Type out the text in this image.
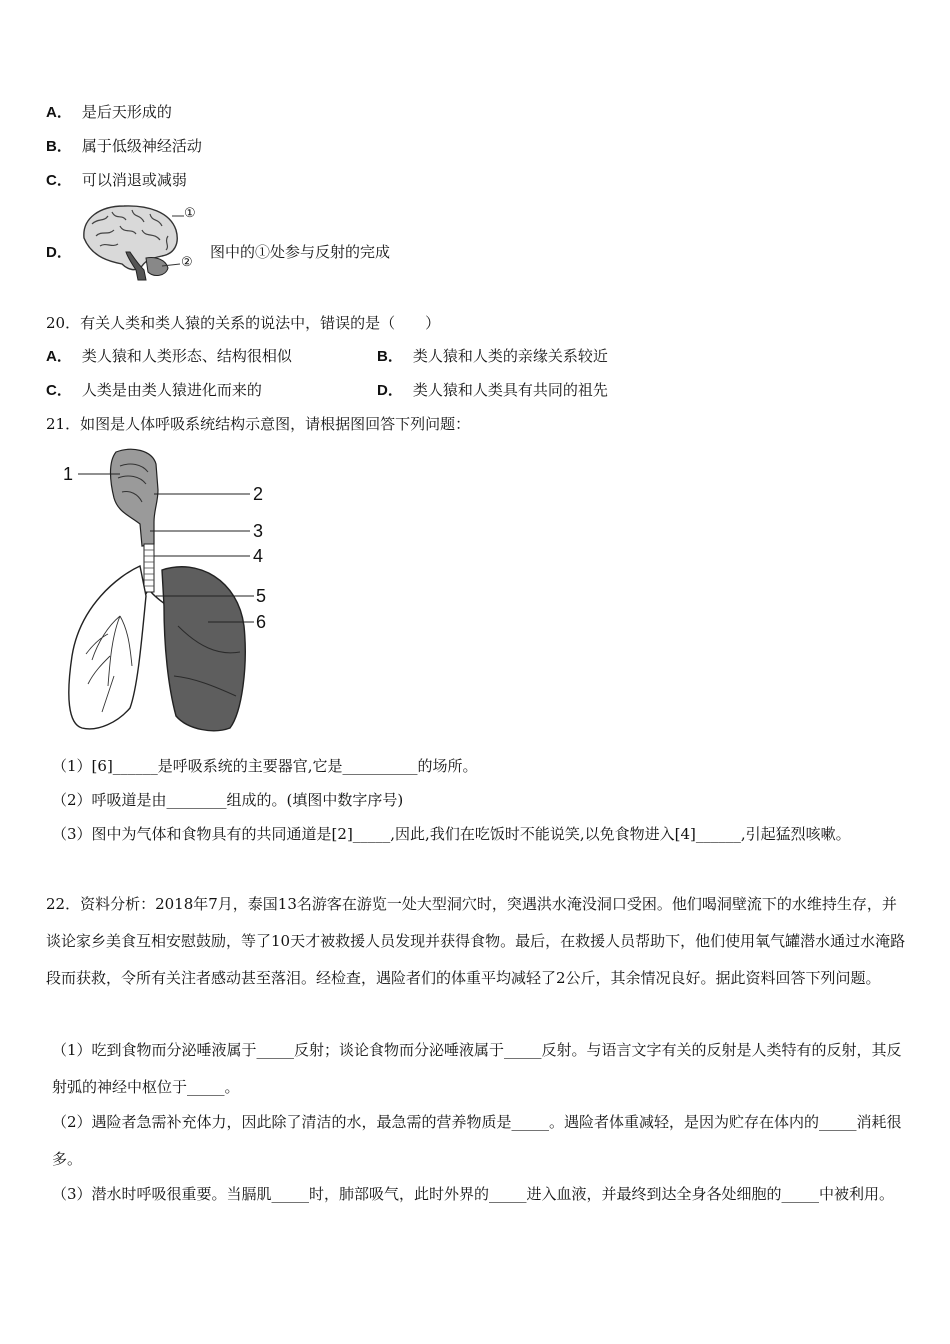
A． 是后天形成的
B． 属于低级神经活动
C． 可以消退或减弱
D．
①
②
图中的①处参与反射的完成
20．有关人类和类人猿的关系的说法中，错误的是（　　）
A． 类人猿和人类形态、结构很相似	B． 类人猿和人类的亲缘关系较近
C． 人类是由类人猿进化而来的	D． 类人猿和人类具有共同的祖先
21．如图是人体呼吸系统结构示意图，请根据图回答下列问题：
1
2
3
4
5
6
（1）[6]______是呼吸系统的主要器官,它是__________的场所。
（2）呼吸道是由________组成的。(填图中数字序号)
（3）图中为气体和食物具有的共同通道是[2]_____,因此,我们在吃饭时不能说笑,以免食物进入[4]______,引起猛烈咳嗽。
22．资料分析：2018年7月，泰国13名游客在游览一处大型洞穴时，突遇洪水淹没洞口受困。他们喝洞壁流下的水维持生存，并谈论家乡美食互相安慰鼓励，等了10天才被救援人员发现并获得食物。最后，在救援人员帮助下，他们使用氧气罐潜水通过水淹路段而获救，令所有关注者感动甚至落泪。经检查，遇险者们的体重平均减轻了2公斤，其余情况良好。据此资料回答下列问题。
（1）吃到食物而分泌唾液属于_____反射；谈论食物而分泌唾液属于_____反射。与语言文字有关的反射是人类特有的反射，其反射弧的神经中枢位于_____。
（2）遇险者急需补充体力，因此除了清洁的水，最急需的营养物质是_____。遇险者体重减轻，是因为贮存在体内的_____消耗很多。
（3）潜水时呼吸很重要。当膈肌_____时，肺部吸气，此时外界的_____进入血液，并最终到达全身各处细胞的_____中被利用。
